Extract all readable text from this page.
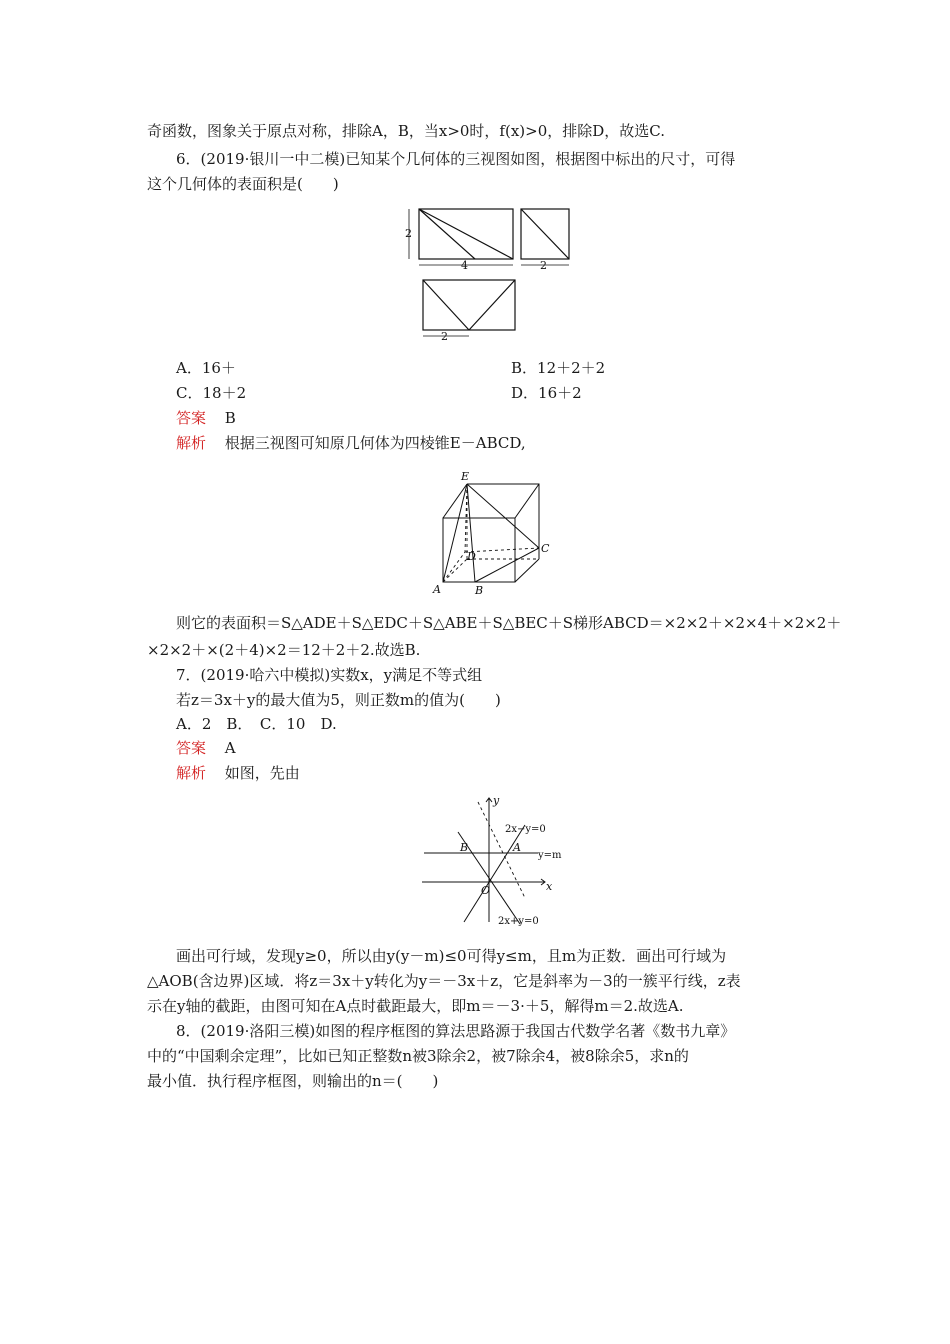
奇函数，图象关于原点对称，排除A，B，当x>0时，f(x)>0，排除D，故选C.
6．(2019·银川一中二模)已知某个几何体的三视图如图，根据图中标出的尺寸，可得
这个几何体的表面积是(　　)
2
4	2
2
A．16＋	B．12＋2＋2
C．18＋2	D．16＋2
答案 B
解析 根据三视图可知原几何体为四棱锥E－ABCD,
E
C
D
A	B
则它的表面积＝S△ADE＋S△EDC＋S△ABE＋S△BEC＋S梯形ABCD＝×2×2＋×2×4＋×2×2＋
×2×2＋×(2＋4)×2＝12＋2＋2.故选B.
7．(2019·哈六中模拟)实数x，y满足不等式组
若z＝3x＋y的最大值为5，则正数m的值为(　　)
A．2　B．　C．10　D.
答案 A
解析 如图，先由
y
x
O
2x−y=0
y=m
2x+y=0
A
B
画出可行域，发现y≥0，所以由y(y－m)≤0可得y≤m，且m为正数．画出可行域为
△AOB(含边界)区域．将z＝3x＋y转化为y＝－3x＋z，它是斜率为－3的一簇平行线，z表
示在y轴的截距，由图可知在A点时截距最大，即m＝－3·＋5，解得m＝2.故选A.
8．(2019·洛阳三模)如图的程序框图的算法思路源于我国古代数学名著《数书九章》
中的“中国剩余定理”，比如已知正整数n被3除余2，被7除余4，被8除余5，求n的
最小值．执行程序框图，则输出的n＝(　　)
